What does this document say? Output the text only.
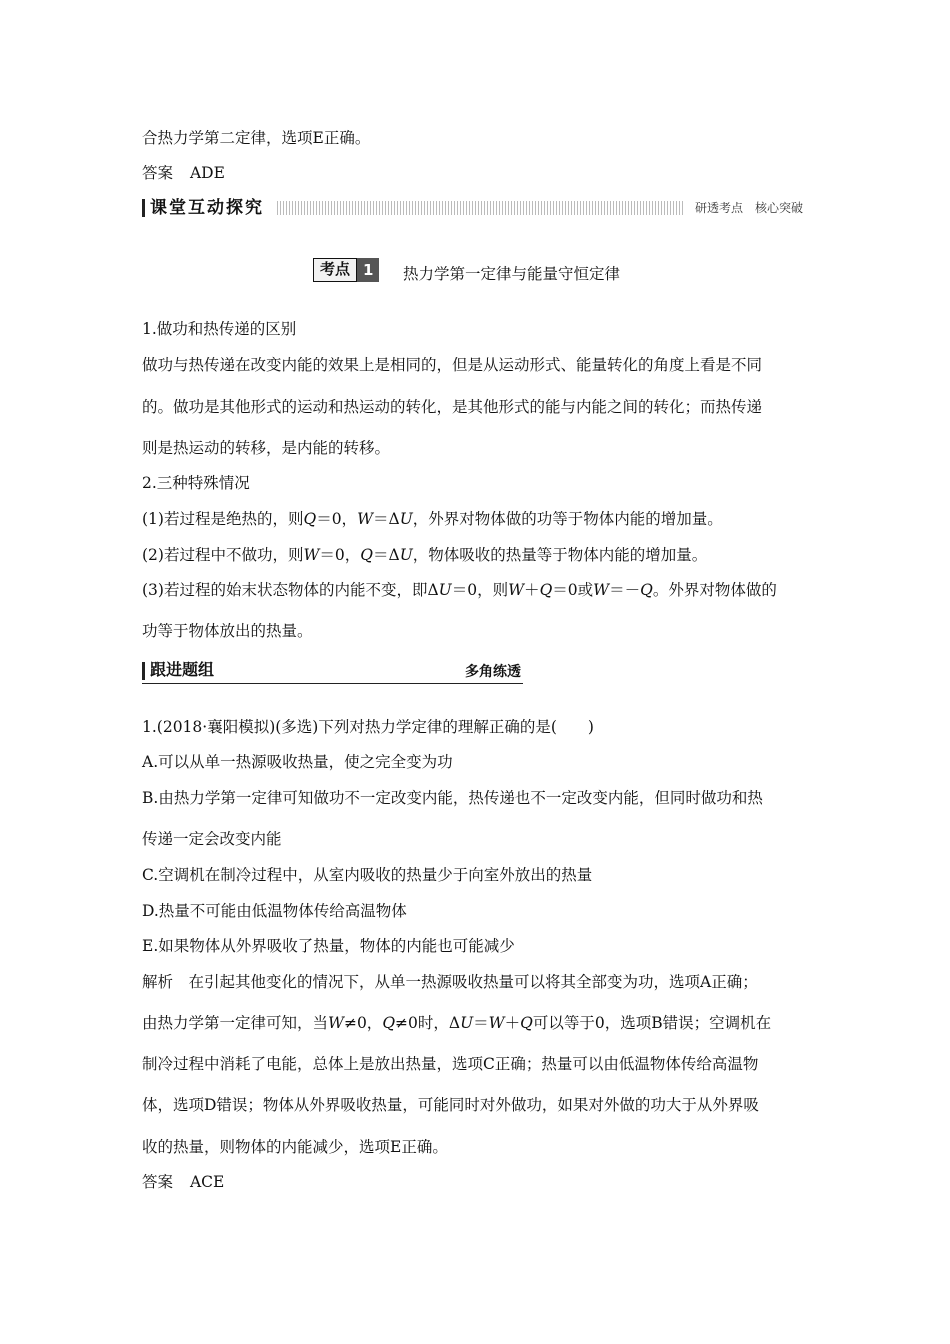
合热力学第二定律，选项E正确。
答案 ADE
课堂互动探究	研透考点　核心突破
考点 1	热力学第一定律与能量守恒定律
1.做功和热传递的区别
做功与热传递在改变内能的效果上是相同的，但是从运动形式、能量转化的角度上看是不同
的。做功是其他形式的运动和热运动的转化，是其他形式的能与内能之间的转化；而热传递
则是热运动的转移，是内能的转移。
2.三种特殊情况
(1)若过程是绝热的，则Q＝0，W＝ΔU，外界对物体做的功等于物体内能的增加量。
(2)若过程中不做功，则W＝0，Q＝ΔU，物体吸收的热量等于物体内能的增加量。
(3)若过程的始末状态物体的内能不变，即ΔU＝0，则W＋Q＝0或W＝－Q。外界对物体做的
功等于物体放出的热量。
跟进题组	多角练透
1.(2018·襄阳模拟)(多选)下列对热力学定律的理解正确的是(　　)
A.可以从单一热源吸收热量，使之完全变为功
B.由热力学第一定律可知做功不一定改变内能，热传递也不一定改变内能，但同时做功和热
传递一定会改变内能
C.空调机在制冷过程中，从室内吸收的热量少于向室外放出的热量
D.热量不可能由低温物体传给高温物体
E.如果物体从外界吸收了热量，物体的内能也可能减少
解析　在引起其他变化的情况下，从单一热源吸收热量可以将其全部变为功，选项A正确；
由热力学第一定律可知，当W≠0，Q≠0时，ΔU＝W＋Q可以等于0，选项B错误；空调机在
制冷过程中消耗了电能，总体上是放出热量，选项C正确；热量可以由低温物体传给高温物
体，选项D错误；物体从外界吸收热量，可能同时对外做功，如果对外做的功大于从外界吸
收的热量，则物体的内能减少，选项E正确。
答案 ACE
